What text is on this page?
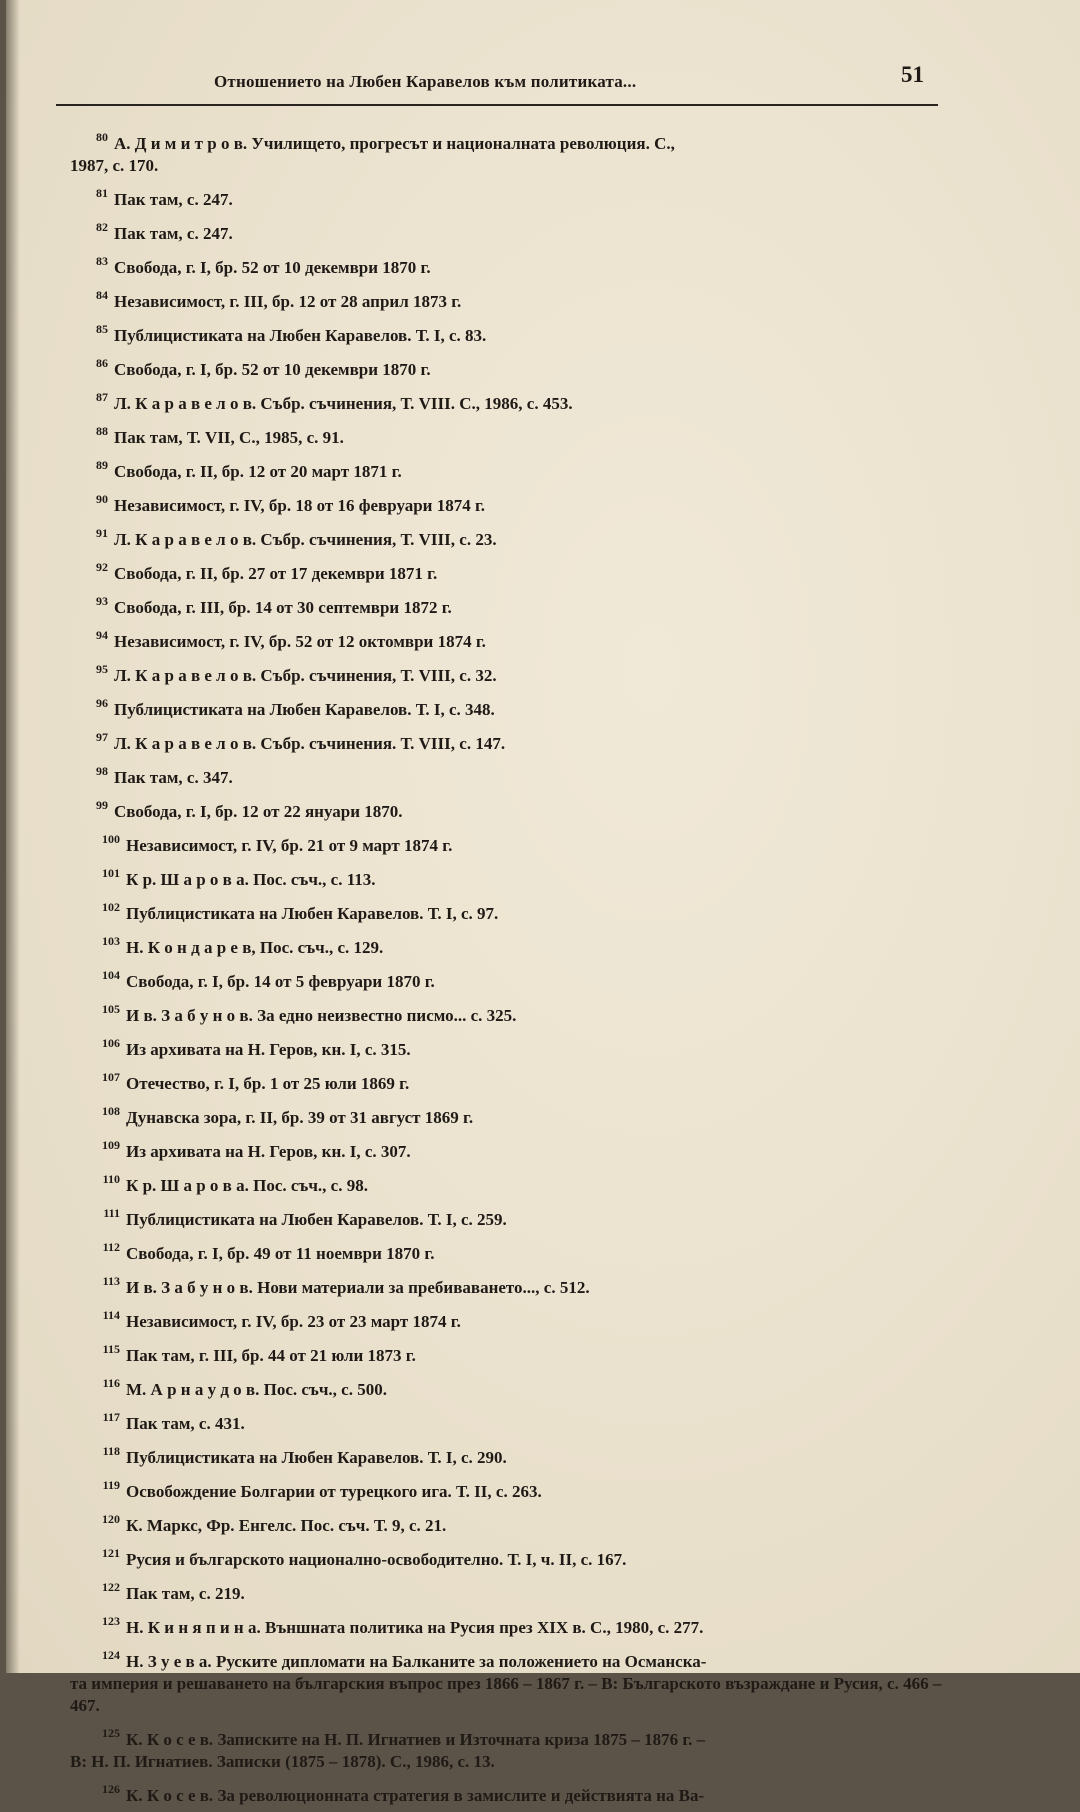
Отношението на Любен Каравелов към политиката...	51
80 А. Д и м и т р о в. Училището, прогресът и националната революция. С.,
1987, с. 170.
81 Пак там, с. 247.
82 Пак там, с. 247.
83 Свобода, г. I, бр. 52 от 10 декември 1870 г.
84 Независимост, г. III, бр. 12 от 28 април 1873 г.
85 Публицистиката на Любен Каравелов. Т. I, с. 83.
86 Свобода, г. I, бр. 52 от 10 декември 1870 г.
87 Л. К а р а в е л о в. Събр. съчинения, Т. VIII. С., 1986, с. 453.
88 Пак там, Т. VII, С., 1985, с. 91.
89 Свобода, г. II, бр. 12 от 20 март 1871 г.
90 Независимост, г. IV, бр. 18 от 16 февруари 1874 г.
91 Л. К а р а в е л о в. Събр. съчинения, Т. VIII, с. 23.
92 Свобода, г. II, бр. 27 от 17 декември 1871 г.
93 Свобода, г. III, бр. 14 от 30 септември 1872 г.
94 Независимост, г. IV, бр. 52 от 12 октомври 1874 г.
95 Л. К а р а в е л о в. Събр. съчинения, Т. VIII, с. 32.
96 Публицистиката на Любен Каравелов. Т. I, с. 348.
97 Л. К а р а в е л о в. Събр. съчинения. Т. VIII, с. 147.
98 Пак там, с. 347.
99 Свобода, г. I, бр. 12 от 22 януари 1870.
100 Независимост, г. IV, бр. 21 от 9 март 1874 г.
101 К р. Ш а р о в а. Пос. съч., с. 113.
102 Публицистиката на Любен Каравелов. Т. I, с. 97.
103 Н. К о н д а р е в, Пос. съч., с. 129.
104 Свобода, г. I, бр. 14 от 5 февруари 1870 г.
105 И в. З а б у н о в. За едно неизвестно писмо... с. 325.
106 Из архивата на Н. Геров, кн. I, с. 315.
107 Отечество, г. I, бр. 1 от 25 юли 1869 г.
108 Дунавска зора, г. II, бр. 39 от 31 август 1869 г.
109 Из архивата на Н. Геров, кн. I, с. 307.
110 К р. Ш а р о в а. Пос. съч., с. 98.
111 Публицистиката на Любен Каравелов. Т. I, с. 259.
112 Свобода, г. I, бр. 49 от 11 ноември 1870 г.
113 И в. З а б у н о в. Нови материали за пребиваването..., с. 512.
114 Независимост, г. IV, бр. 23 от 23 март 1874 г.
115 Пак там, г. III, бр. 44 от 21 юли 1873 г.
116 М. А р н а у д о в. Пос. съч., с. 500.
117 Пак там, с. 431.
118 Публицистиката на Любен Каравелов. Т. I, с. 290.
119 Освобождение Болгарии от турецкого ига. Т. II, с. 263.
120 К. Маркс, Фр. Енгелс. Пос. съч. Т. 9, с. 21.
121 Русия и българското национално-освободително. Т. I, ч. II, с. 167.
122 Пак там, с. 219.
123 Н. К и н я п и н а. Външната политика на Русия през XIX в. С., 1980, с. 277.
124 Н. З у е в а. Руските дипломати на Балканите за положението на Османска-
та империя и решаването на българския въпрос през 1866 – 1867 г. – В: Българското възраждане и Русия, с. 466 – 467.
125 К. К о с е в. Записките на Н. П. Игнатиев и Източната криза 1875 – 1876 г. –
В: Н. П. Игнатиев. Записки (1875 – 1878). С., 1986, с. 13.
126 К. К о с е в. За революционната стратегия в замислите и действията на Ва-
